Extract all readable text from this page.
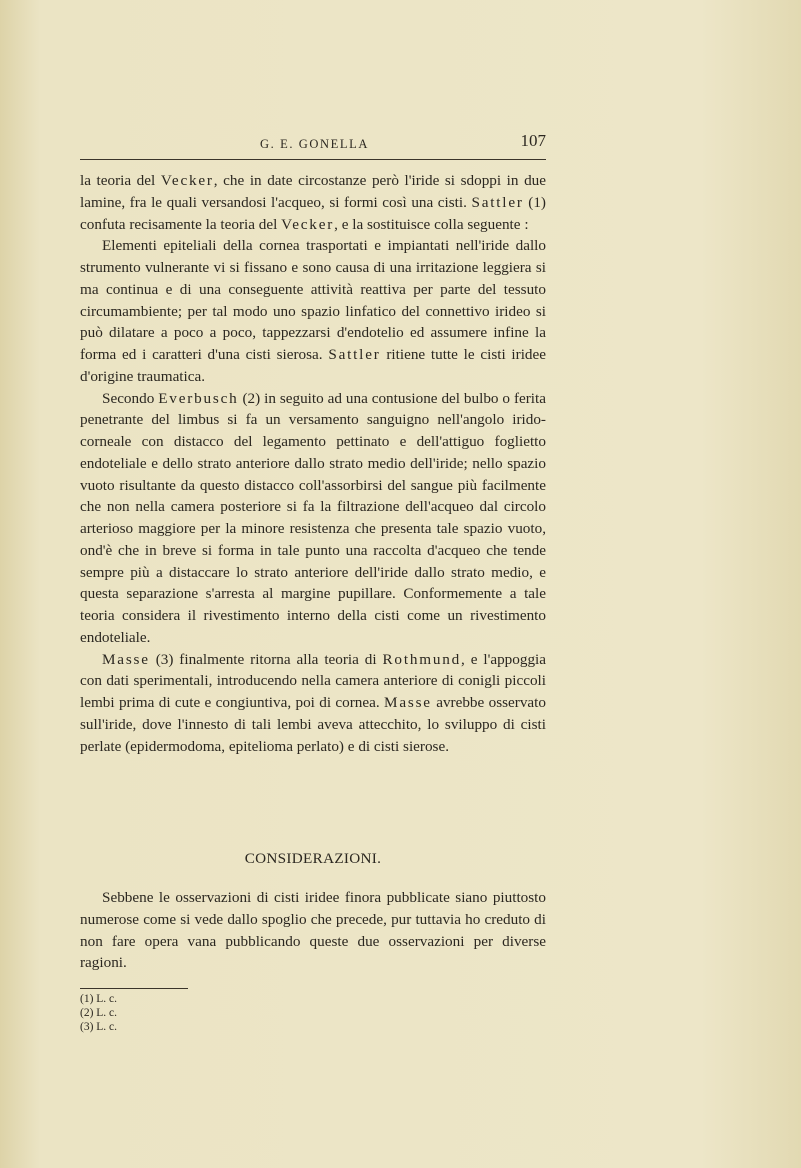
G. E. GONELLA	107

la teoria del Vecker, che in date circostanze però l'iride si sdoppi in due lamine, fra le quali versandosi l'acqueo, si formi così una cisti. Sattler (1) confuta recisamente la teoria del Vecker, e la sostituisce colla seguente :

Elementi epiteliali della cornea trasportati e impiantati nell'iride dallo strumento vulnerante vi si fissano e sono causa di una irritazione leggiera si ma continua e di una conseguente attività reattiva per parte del tessuto circumambiente; per tal modo uno spazio linfatico del connettivo irideo si può dilatare a poco a poco, tappezzarsi d'endotelio ed assumere infine la forma ed i caratteri d'una cisti sierosa. Sattler ritiene tutte le cisti iridee d'origine traumatica.

Secondo Everbusch (2) in seguito ad una contusione del bulbo o ferita penetrante del limbus si fa un versamento sanguigno nell'angolo irido-corneale con distacco del legamento pettinato e dell'attiguo foglietto endoteliale e dello strato anteriore dallo strato medio dell'iride; nello spazio vuoto risultante da questo distacco coll'assorbirsi del sangue più facilmente che non nella camera posteriore si fa la filtrazione dell'acqueo dal circolo arterioso maggiore per la minore resistenza che presenta tale spazio vuoto, ond'è che in breve si forma in tale punto una raccolta d'acqueo che tende sempre più a distaccare lo strato anteriore dell'iride dallo strato medio, e questa separazione s'arresta al margine pupillare. Conformemente a tale teoria considera il rivestimento interno della cisti come un rivestimento endoteliale.

Masse (3) finalmente ritorna alla teoria di Rothmund, e l'appoggia con dati sperimentali, introducendo nella camera anteriore di conigli piccoli lembi prima di cute e congiuntiva, poi di cornea. Masse avrebbe osservato sull'iride, dove l'innesto di tali lembi aveva attecchito, lo sviluppo di cisti perlate (epidermodoma, epitelioma perlato) e di cisti sierose.

CONSIDERAZIONI.

Sebbene le osservazioni di cisti iridee finora pubblicate siano piuttosto numerose come si vede dallo spoglio che precede, pur tuttavia ho creduto di non fare opera vana pubblicando queste due osservazioni per diverse ragioni.

(1) L. c.
(2) L. c.
(3) L. c.
